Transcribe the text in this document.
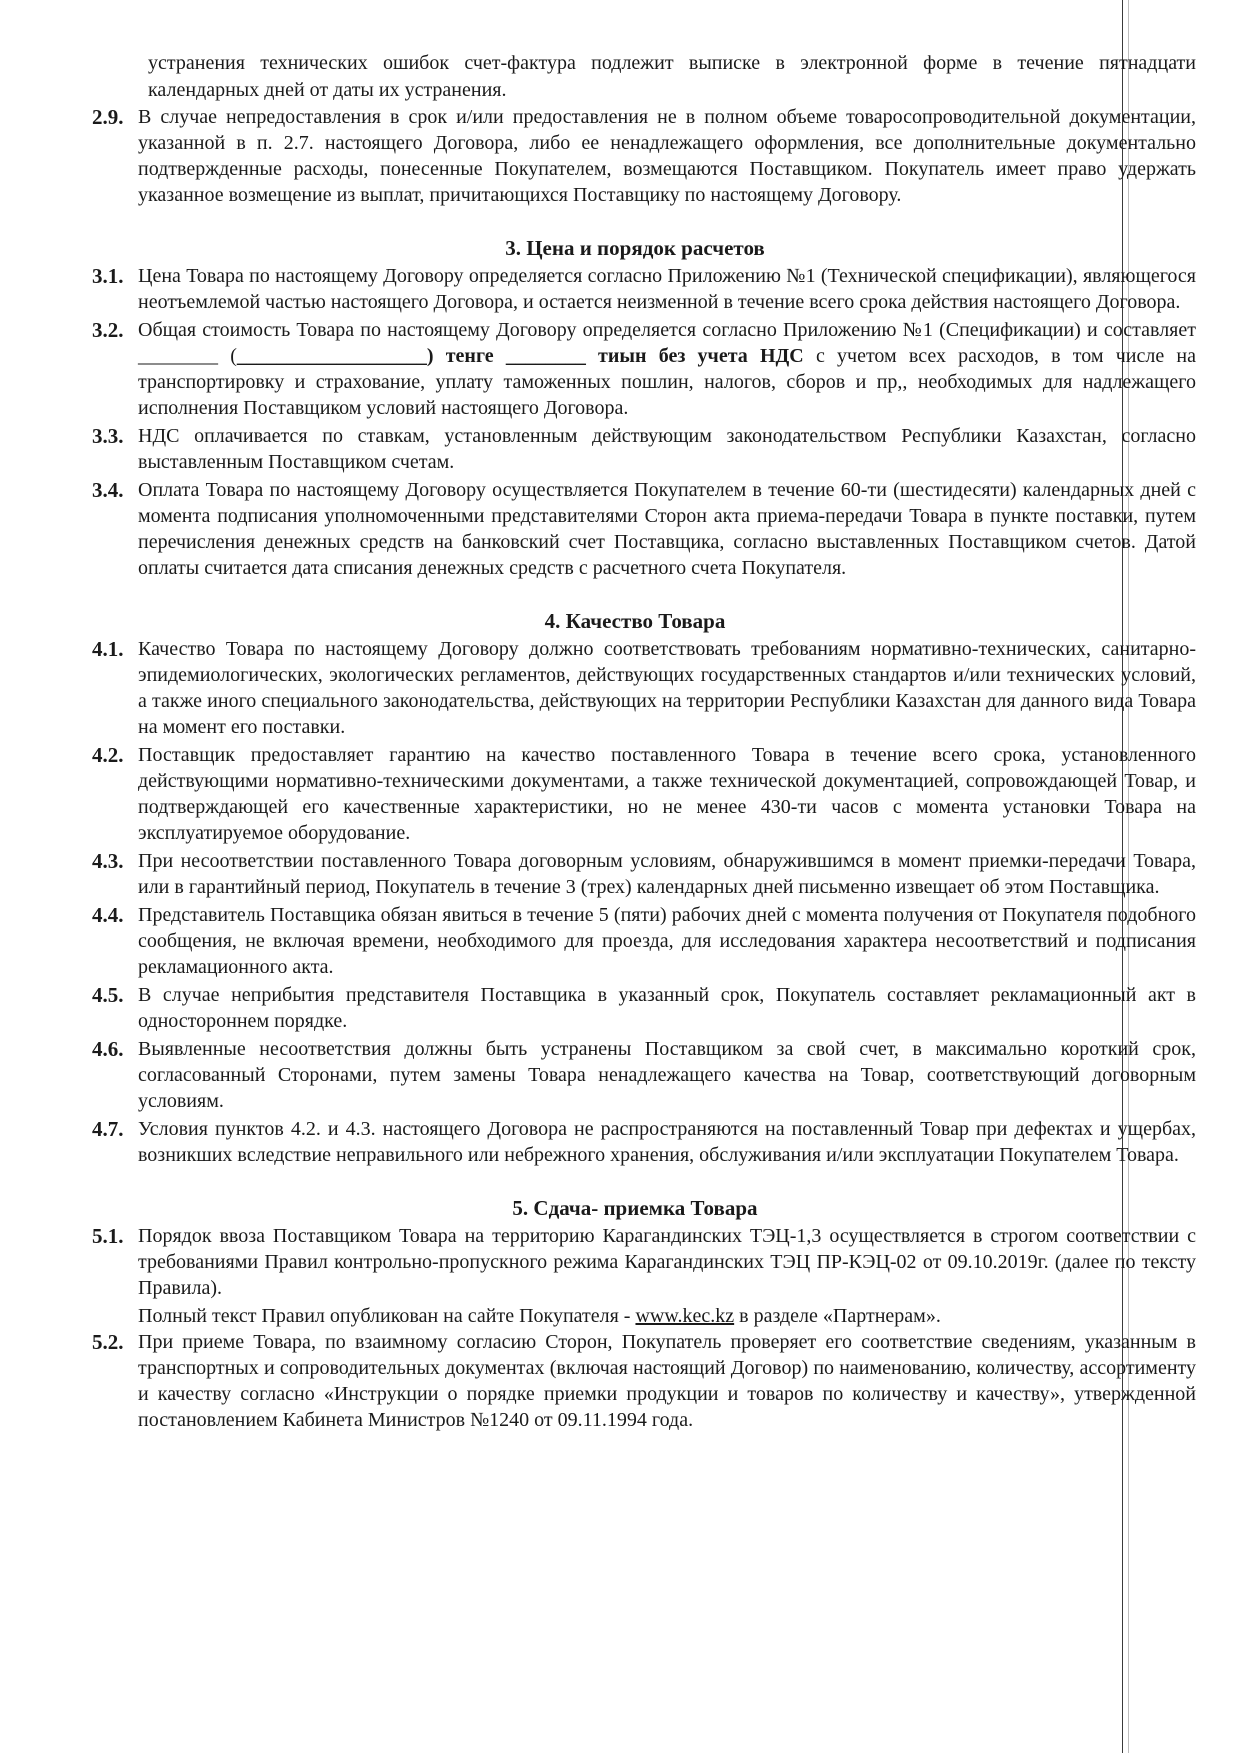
устранения технических ошибок счет-фактура подлежит выписке в электронной форме в течение пятнадцати календарных дней от даты их устранения.
2.9. В случае непредоставления в срок и/или предоставления не в полном объеме товаросопроводительной документации, указанной в п. 2.7. настоящего Договора, либо ее ненадлежащего оформления, все дополнительные документально подтвержденные расходы, понесенные Покупателем, возмещаются Поставщиком. Покупатель имеет право удержать указанное возмещение из выплат, причитающихся Поставщику по настоящему Договору.
3. Цена и порядок расчетов
3.1. Цена Товара по настоящему Договору определяется согласно Приложению №1 (Технической спецификации), являющегося неотъемлемой частью настоящего Договора, и остается неизменной в течение всего срока действия настоящего Договора.
3.2. Общая стоимость Товара по настоящему Договору определяется согласно Приложению №1 (Спецификации) и составляет ________ (___________________) тенге ________ тиын без учета НДС с учетом всех расходов, в том числе на транспортировку и страхование, уплату таможенных пошлин, налогов, сборов и пр,, необходимых для надлежащего исполнения Поставщиком условий настоящего Договора.
3.3. НДС оплачивается по ставкам, установленным действующим законодательством Республики Казахстан, согласно выставленным Поставщиком счетам.
3.4. Оплата Товара по настоящему Договору осуществляется Покупателем в течение 60-ти (шестидесяти) календарных дней с момента подписания уполномоченными представителями Сторон акта приема-передачи Товара в пункте поставки, путем перечисления денежных средств на банковский счет Поставщика, согласно выставленных Поставщиком счетов. Датой оплаты считается дата списания денежных средств с расчетного счета Покупателя.
4. Качество Товара
4.1. Качество Товара по настоящему Договору должно соответствовать требованиям нормативно-технических, санитарно-эпидемиологических, экологических регламентов, действующих государственных стандартов и/или технических условий, а также иного специального законодательства, действующих на территории Республики Казахстан для данного вида Товара на момент его поставки.
4.2. Поставщик предоставляет гарантию на качество поставленного Товара в течение всего срока, установленного действующими нормативно-техническими документами, а также технической документацией, сопровождающей Товар, и подтверждающей его качественные характеристики, но не менее 430-ти часов с момента установки Товара на эксплуатируемое оборудование.
4.3. При несоответствии поставленного Товара договорным условиям, обнаружившимся в момент приемки-передачи Товара, или в гарантийный период, Покупатель в течение 3 (трех) календарных дней письменно извещает об этом Поставщика.
4.4. Представитель Поставщика обязан явиться в течение 5 (пяти) рабочих дней с момента получения от Покупателя подобного сообщения, не включая времени, необходимого для проезда, для исследования характера несоответствий и подписания рекламационного акта.
4.5. В случае неприбытия представителя Поставщика в указанный срок, Покупатель составляет рекламационный акт в одностороннем порядке.
4.6. Выявленные несоответствия должны быть устранены Поставщиком за свой счет, в максимально короткий срок, согласованный Сторонами, путем замены Товара ненадлежащего качества на Товар, соответствующий договорным условиям.
4.7. Условия пунктов 4.2. и 4.3. настоящего Договора не распространяются на поставленный Товар при дефектах и ущербах, возникших вследствие неправильного или небрежного хранения, обслуживания и/или эксплуатации Покупателем Товара.
5. Сдача- приемка Товара
5.1. Порядок ввоза Поставщиком Товара на территорию Карагандинских ТЭЦ-1,3 осуществляется в строгом соответствии с требованиями Правил контрольно-пропускного режима Карагандинских ТЭЦ ПР-КЭЦ-02 от 09.10.2019г. (далее по тексту Правила).
Полный текст Правил опубликован на сайте Покупателя - www.kec.kz в разделе «Партнерам».
5.2. При приеме Товара, по взаимному согласию Сторон, Покупатель проверяет его соответствие сведениям, указанным в транспортных и сопроводительных документах (включая настоящий Договор) по наименованию, количеству, ассортименту и качеству согласно «Инструкции о порядке приемки продукции и товаров по количеству и качеству», утвержденной постановлением Кабинета Министров №1240 от 09.11.1994 года.
